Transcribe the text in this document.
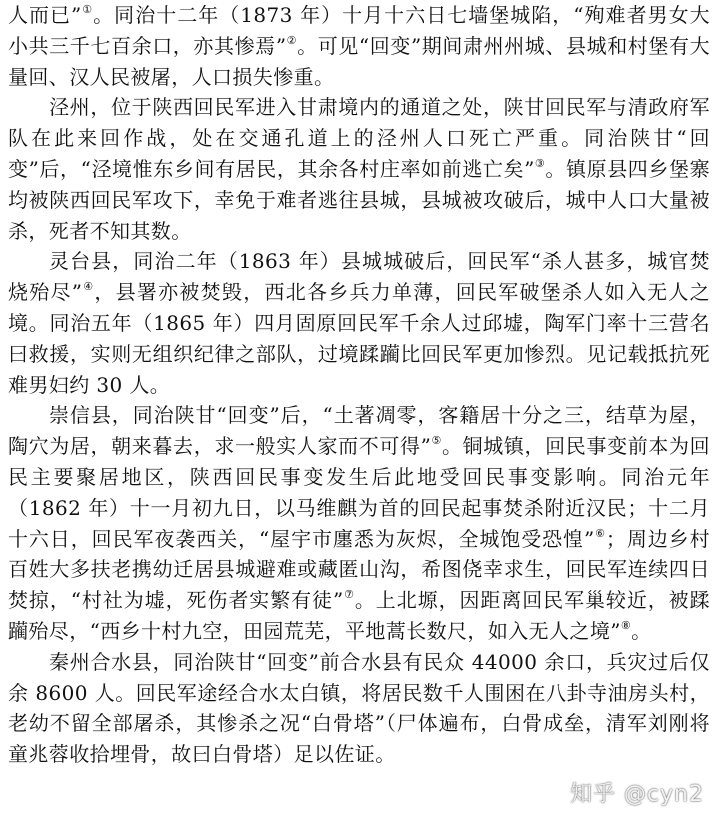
人而已”①。同治十二年（1873 年）十月十六日七墙堡城陷，“殉难者男女大小共三千七百余口，亦其惨焉”②。可见“回变”期间肃州州城、县城和村堡有大量回、汉人民被屠，人口损失惨重。

泾州，位于陕西回民军进入甘肃境内的通道之处，陕甘回民军与清政府军队在此来回作战，处在交通孔道上的泾州人口死亡严重。同治陕甘“回变”后，“泾境惟东乡间有居民，其余各村庄率如前逃亡矣”③。镇原县四乡堡寨均被陕西回民军攻下，幸免于难者逃往县城，县城被攻破后，城中人口大量被杀，死者不知其数。

灵台县，同治二年（1863 年）县城城破后，回民军“杀人甚多，城官焚烧殆尽”④，县署亦被焚毁，西北各乡兵力单薄，回民军破堡杀人如入无人之境。同治五年（1865 年）四月固原回民军千余人过邱墟，陶军门率十三营名曰救援，实则无组织纪律之部队，过境蹂躏比回民军更加惨烈。见记载抵抗死难男妇约 30 人。

崇信县，同治陕甘“回变”后，“土著凋零，客籍居十分之三，结草为屋，陶穴为居，朝来暮去，求一般实人家而不可得”⑤。铜城镇，回民事变前本为回民主要聚居地区，陕西回民事变发生后此地受回民事变影响。同治元年（1862 年）十一月初九日，以马维麒为首的回民起事焚杀附近汉民；十二月十六日，回民军夜袭西关，“屋宇市廛悉为灰烬，全城饱受恐惶”⑥；周边乡村百姓大多扶老携幼迁居县城避难或藏匿山沟，希图侥幸求生，回民军连续四日焚掠，“村社为墟，死伤者实繁有徒”⑦。上北塬，因距离回民军巢较近，被蹂躏殆尽，“西乡十村九空，田园荒芜，平地蒿长数尺，如入无人之境”⑧。

秦州合水县，同治陕甘“回变”前合水县有民众 44000 余口，兵灾过后仅余 8600 人。回民军途经合水太白镇，将居民数千人围困在八卦寺油房头村，老幼不留全部屠杀，其惨杀之况“白骨塔”（尸体遍布，白骨成垒，清军刘刚将童兆蓉收拾埋骨，故曰白骨塔）足以佐证。

知乎 @cyn2
